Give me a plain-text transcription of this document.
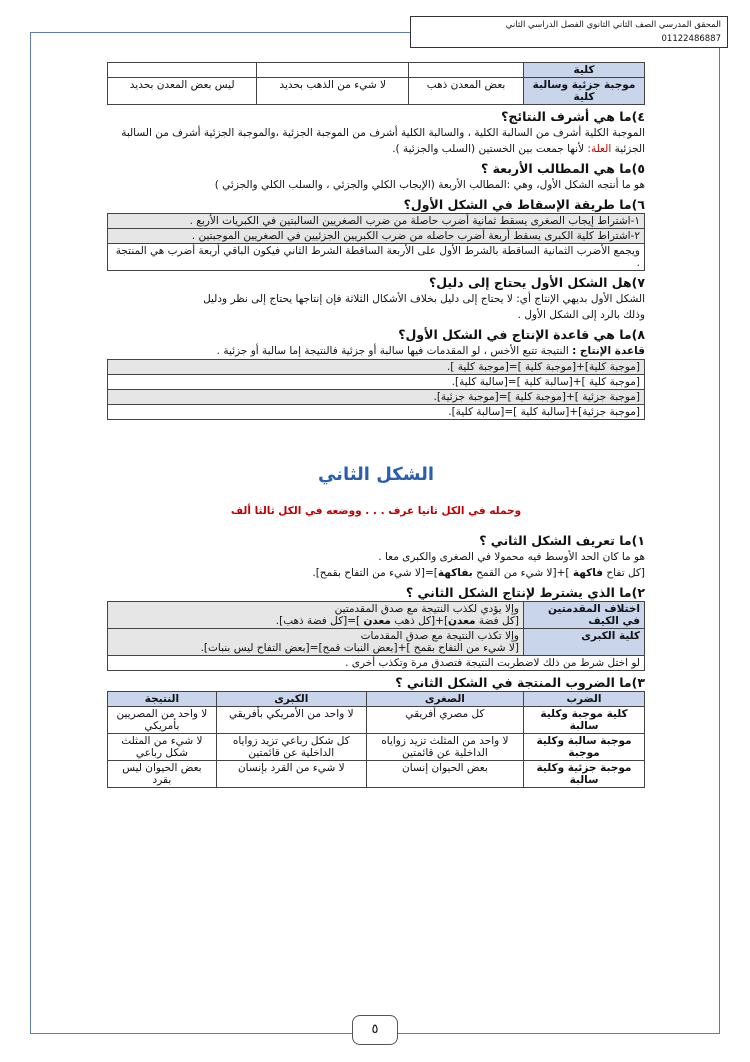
المحقق المدرسي الصف الثاني الثانوي الفصل الدراسي الثاني
01122486887
كلية			
موجبة جزئية وسالبة كلية	بعض المعدن ذهب	لا شيء من الذهب بحديد	ليس بعض المعدن بحديد
٤)ما هي أشرف النتائج؟

الموجبة الكلية أشرف من السالبة الكلية ، والسالبة الكلية أشرف من الموجبة الجزئية ،والموجبة الجزئية أشرف من السالبة الجزئية العلة: لأنها جمعت بين الخستين (السلب والجزئية ).

٥)ما هي المطالب الأربعة ؟

هو ما أنتجه الشكل الأول، وهي :المطالب الأربعة (الإيجاب الكلي والجزئي ، والسلب الكلي والجزئي )

٦)ما طريقة الإسقاط في الشكل الأول؟
١-اشتراط إيجاب الصغرى يسقط ثمانية أضرب حاصلة من ضرب الصغريين السالبتين في الكبريات الأربع .
٢-اشتراط كلية الكبرى يسقط أربعة أضرب حاصله من ضرب الكبريين الجزئيين في الصغريين الموجبتين .
ويجمع الأضرب الثمانية الساقطة بالشرط الأول على الأربعة الساقطة الشرط الثاني فيكون الباقي أربعة أضرب هي المنتجة .
٧)هل الشكل الأول يحتاج إلى دليل؟

الشكل الأول بديهي الإنتاج أي: لا يحتاج إلى دليل بخلاف الأشكال الثلاثة فإن إنتاجها يحتاج إلى نظر ودليل

وذلك بالرد إلى الشكل الأول .

٨)ما هي قاعدة الإنتاج في الشكل الأول؟

قاعدة الإنتاج : النتيجة تتبع الأخس ، لو المقدمات فيها سالبة أو جزئية فالنتيجة إما سالبة أو جزئية .

[موجبة كلية]+[موجبة كلية ]=[موجبة كلية ].
[موجبة كلية ]+[سالبة كلية ]=[سالبة كلية].
[موجبة جزئية ]+[موجبة كلية ]=[موجبة جزئية].
[موجبة جزئية]+[سالبة كلية ]=[سالبة كلية].
الشكل الثاني
وحمله في الكل ثانيا عرف . . . ووضعه في الكل ثالثا ألف
١)ما تعريف الشكل الثاني ؟

هو ما كان الحد الأوسط فيه محمولا في الصغرى والكبرى معا .

[كل تفاح فاكهة ]+[لا شيء من القمح بفاكهة]=[لا شيء من التفاح بقمح].

٢)ما الذي يشترط لإنتاج الشكل الثاني ؟
اختلاف المقدمتين في الكيف	وإلا يؤدي لكذب النتيجة مع صدق المقدمتين
[كل فضة معدن]+[كل ذهب معدن ]=[كل فضة ذهب].

كلية الكبرى	وإلا تكذب النتيجة مع صدق المقدمات
[لا شيء من التفاح بقمح ]+[بعض النبات قمح]=[بعض التفاح ليس بنبات].

لو اختل شرط من ذلك لاضطربت النتيجة فتصدق مرة وتكذب أخرى .	
٣)ما الضروب المنتجة في الشكل الثاني ؟
الضرب	الصغرى	الكبرى	النتيجة
كلية موجبة وكلية سالبة	كل مصري أفريقي	لا واحد من الأمريكي بأفريقي	لا واحد من المصريين بأمريكي
موجبة سالبة وكلية موجبة	لا واحد من المثلث تزيد زواياه الداخلية عن قائمتين	كل شكل رباعي تزيد زواياه الداخلية عن قائمتين	لا شيء من المثلث شكل رباعي
موجبة جزئية وكلية سالبة	بعض الحيوان إنسان	لا شيء من القرد بإنسان	بعض الحيوان ليس بقرد
٥
